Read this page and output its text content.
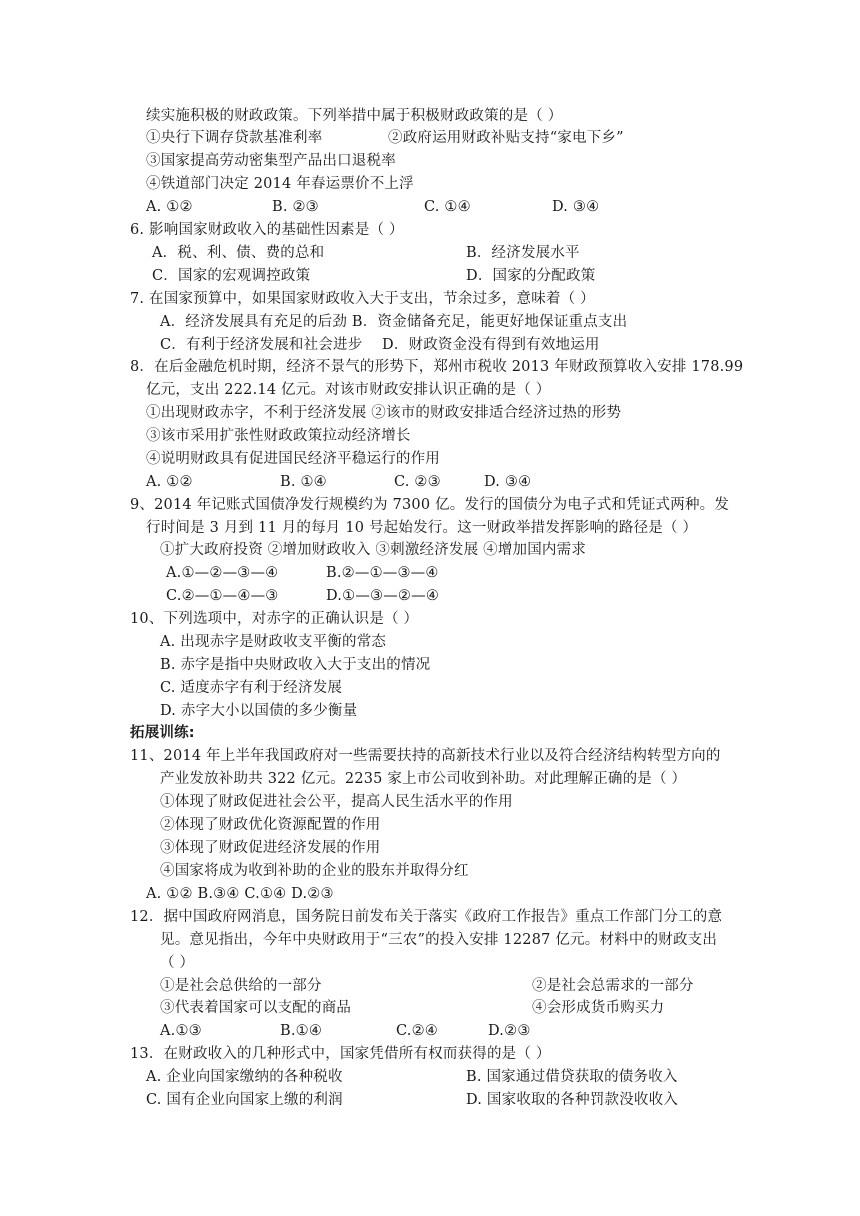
续实施积极的财政政策。下列举措中属于积极财政政策的是（ ）
①央行下调存贷款基准利率	②政府运用财政补贴支持“家电下乡”
③国家提高劳动密集型产品出口退税率
④铁道部门决定 2014 年春运票价不上浮
A. ①②	B. ②③	C. ①④	D. ③④
6. 影响国家财政收入的基础性因素是（ ）
A．税、利、债、费的总和	B．经济发展水平
C．国家的宏观调控政策	D．国家的分配政策
7. 在国家预算中，如果国家财政收入大于支出，节余过多，意味着（ ）
A．经济发展具有充足的后劲 B．资金储备充足，能更好地保证重点支出
C．有利于经济发展和社会进步 D．财政资金没有得到有效地运用
8．在后金融危机时期，经济不景气的形势下，郑州市税收 2013 年财政预算收入安排 178.99
亿元，支出 222.14 亿元。对该市财政安排认识正确的是（ ）
①出现财政赤字，不利于经济发展 ②该市的财政安排适合经济过热的形势
③该市采用扩张性财政政策拉动经济增长
④说明财政具有促进国民经济平稳运行的作用
A. ①②	B. ①④	C. ②③	D. ③④
9、2014 年记账式国债净发行规模约为 7300 亿。发行的国债分为电子式和凭证式两种。发
行时间是 3 月到 11 月的每月 10 号起始发行。这一财政举措发挥影响的路径是（ ）
①扩大政府投资 ②增加财政收入 ③刺激经济发展 ④增加国内需求
A.①—②—③—④	B.②—①—③—④
C.②—①—④—③	D.①—③—②—④
10、下列选项中，对赤字的正确认识是（ ）
A. 出现赤字是财政收支平衡的常态
B. 赤字是指中央财政收入大于支出的情况
C. 适度赤字有利于经济发展
D. 赤字大小以国债的多少衡量
拓展训练:
11、2014 年上半年我国政府对一些需要扶持的高新技术行业以及符合经济结构转型方向的
产业发放补助共 322 亿元。2235 家上市公司收到补助。对此理解正确的是（ ）
①体现了财政促进社会公平，提高人民生活水平的作用
②体现了财政优化资源配置的作用
③体现了财政促进经济发展的作用
④国家将成为收到补助的企业的股东并取得分红
A. ①② B.③④ C.①④ D.②③
12．据中国政府网消息，国务院日前发布关于落实《政府工作报告》重点工作部门分工的意
见。意见指出，今年中央财政用于“三农”的投入安排 12287 亿元。材料中的财政支出
（ ）
①是社会总供给的一部分	②是社会总需求的一部分
③代表着国家可以支配的商品	④会形成货币购买力
A.①③	B.①④	C.②④	D.②③
13．在财政收入的几种形式中，国家凭借所有权而获得的是（ ）
A. 企业向国家缴纳的各种税收	B. 国家通过借贷获取的债务收入
C. 国有企业向国家上缴的利润	D. 国家收取的各种罚款没收收入
